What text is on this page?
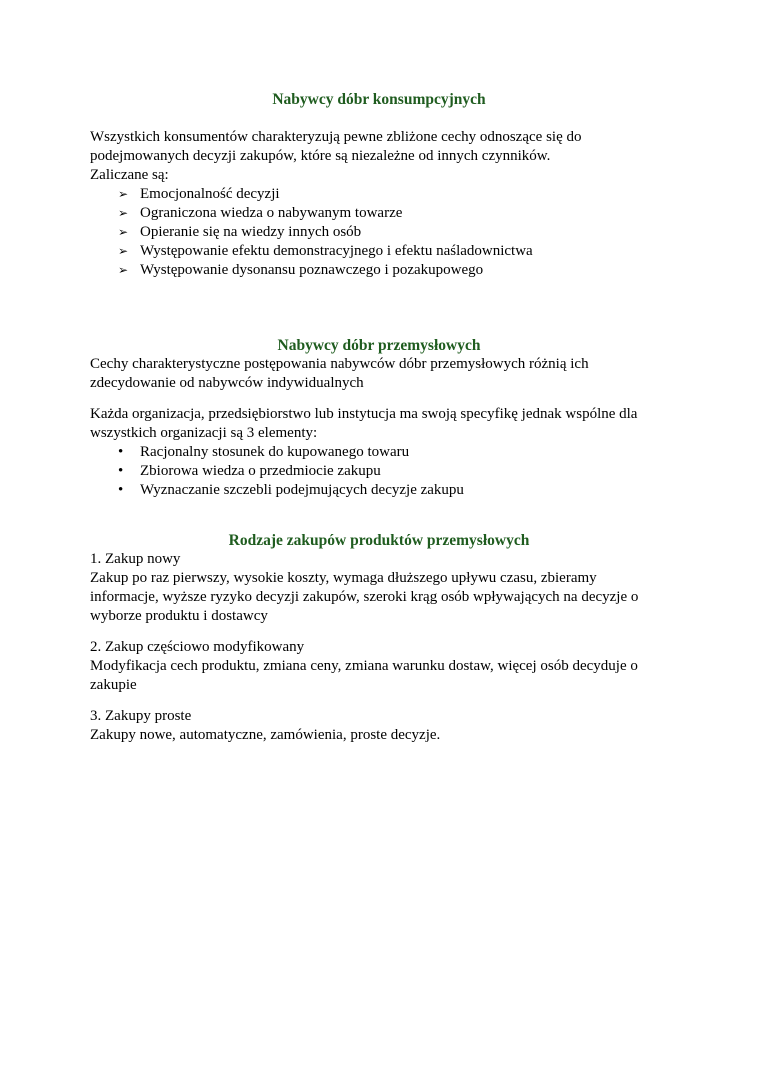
Nabywcy dóbr konsumpcyjnych

Wszystkich konsumentów charakteryzują pewne zbliżone cechy odnoszące się do podejmowanych decyzji zakupów, które są niezależne od innych czynników.

Zaliczane są:

➢ Emocjonalność decyzji
➢ Ograniczona wiedza o nabywanym towarze
➢ Opieranie się na wiedzy innych osób
➢ Występowanie efektu demonstracyjnego i efektu naśladownictwa
➢ Występowanie dysonansu poznawczego i pozakupowego
Nabywcy dóbr przemysłowych

Cechy charakterystyczne postępowania nabywców dóbr przemysłowych różnią ich zdecydowanie od nabywców indywidualnych

Każda organizacja, przedsiębiorstwo lub instytucja ma swoją specyfikę jednak wspólne dla wszystkich organizacji są 3 elementy:

•	Racjonalny stosunek do kupowanego towaru
•	Zbiorowa wiedza o przedmiocie zakupu
•	Wyznaczanie szczebli podejmujących decyzje zakupu
Rodzaje zakupów produktów przemysłowych

1. Zakup nowy

Zakup po raz pierwszy, wysokie koszty, wymaga dłuższego upływu czasu, zbieramy informacje, wyższe ryzyko decyzji zakupów, szeroki krąg osób wpływających na decyzje o wyborze produktu i dostawcy

2. Zakup częściowo modyfikowany

Modyfikacja cech produktu, zmiana ceny, zmiana warunku dostaw, więcej osób decyduje o zakupie

3. Zakupy proste

Zakupy nowe, automatyczne, zamówienia, proste decyzje.
